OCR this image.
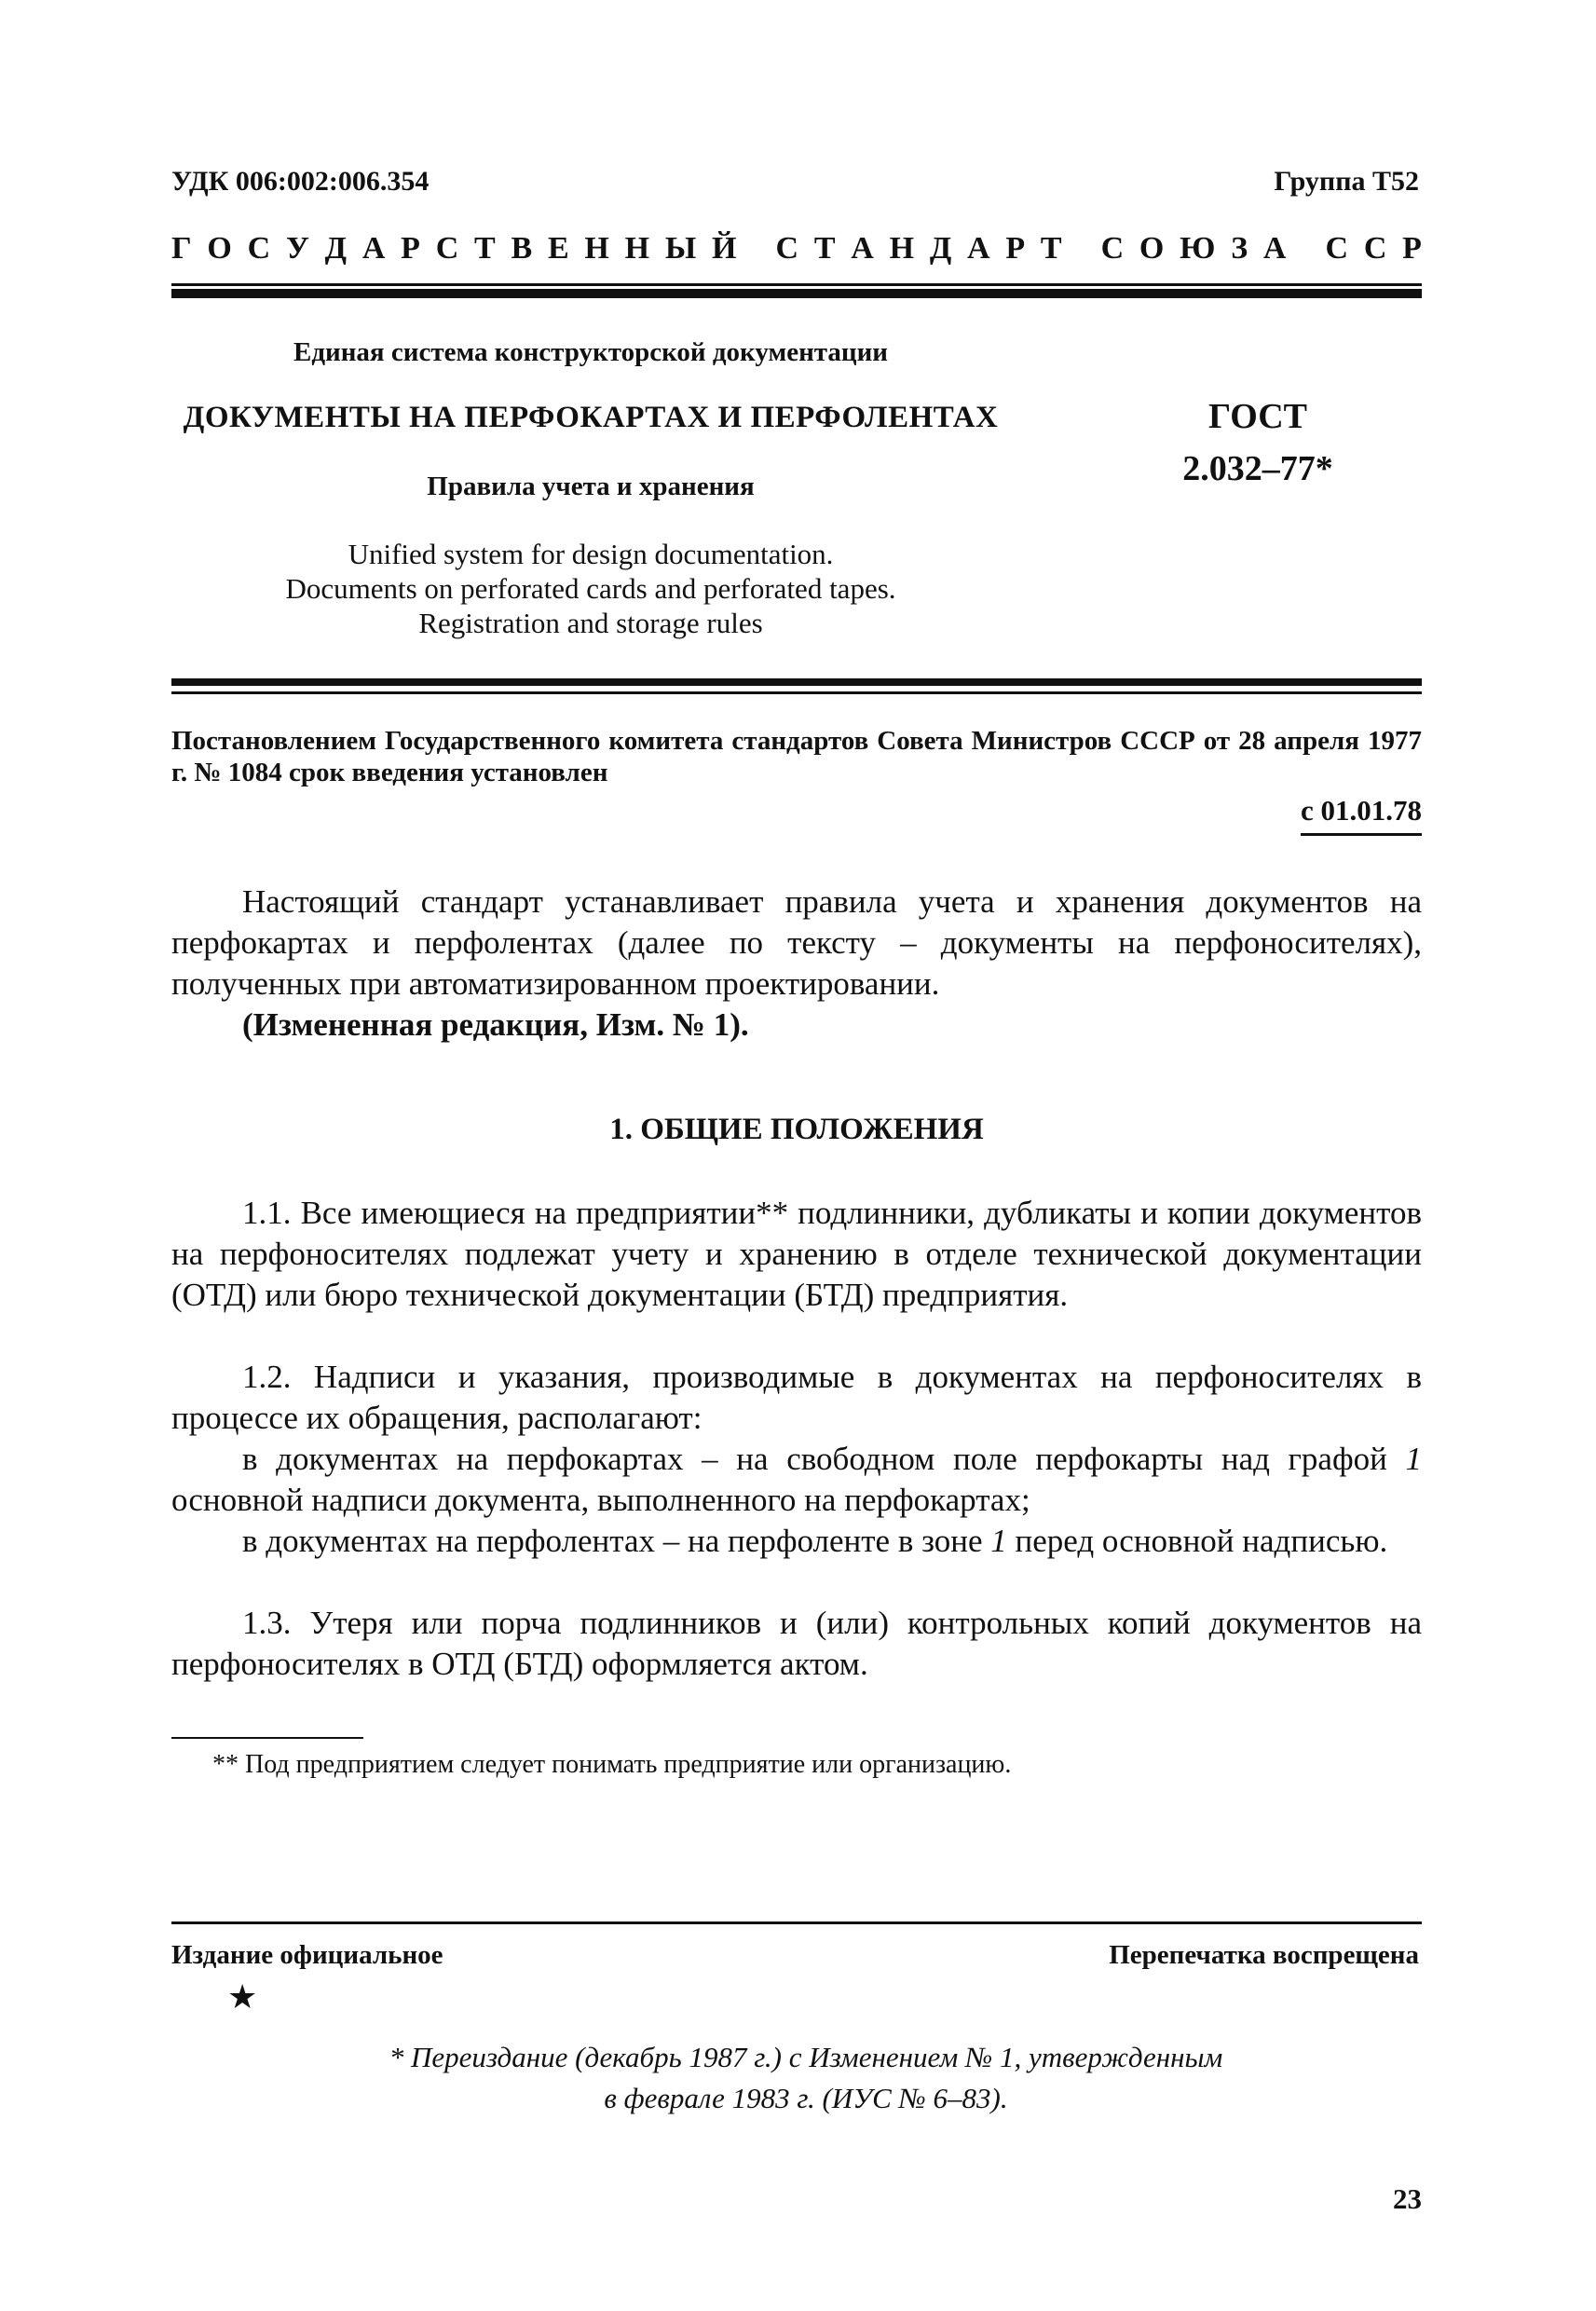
УДК 006:002:006.354	Группа Т52
Г О С У Д А Р С Т В Е Н Н Ы Й
С Т А Н Д А Р Т
С О Ю З А
С С Р
Единая система конструкторской документации
ДОКУМЕНТЫ НА ПЕРФОКАРТАХ И ПЕРФОЛЕНТАХ
Правила учета и хранения
Unified system for design documentation.
Documents on perforated cards and perforated tapes.
Registration and storage rules
ГОСТ
2.032–77*
Постановлением Государственного комитета стандартов Совета Министров СССР от 28 апреля 1977 г. № 1084 срок введения установлен
с 01.01.78
Настоящий стандарт устанавливает правила учета и хранения документов на перфокартах и перфолентах (далее по тексту – документы на перфоносителях), полученных при автоматизированном проектировании.
(Измененная редакция, Изм. № 1).
1. ОБЩИЕ ПОЛОЖЕНИЯ
1.1. Все имеющиеся на предприятии** подлинники, дубликаты и копии документов на перфоносителях подлежат учету и хранению в отделе технической документации (ОТД) или бюро технической документации (БТД) предприятия.
1.2. Надписи и указания, производимые в документах на перфоносителях в процессе их обращения, располагают:
в документах на перфокартах – на свободном поле перфокарты над графой 1 основной надписи документа, выполненного на перфокартах;
в документах на перфолентах – на перфоленте в зоне 1 перед основной надписью.
1.3. Утеря или порча подлинников и (или) контрольных копий документов на перфоносителях в ОТД (БТД) оформляется актом.
** Под предприятием следует понимать предприятие или организацию.
Издание официальное	Перепечатка воспрещена
★
* Переиздание (декабрь 1987 г.) с Изменением № 1, утвержденным
в феврале 1983 г. (ИУС № 6–83).
23
